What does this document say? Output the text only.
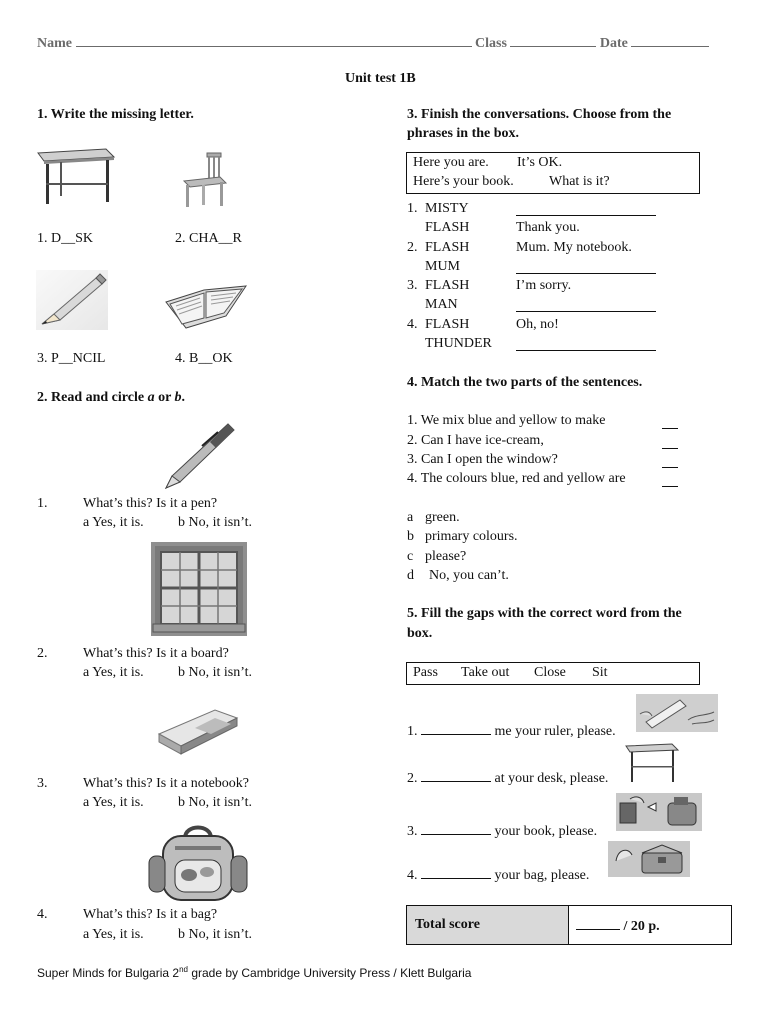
Name	Class	Date
Unit test 1B
1. Write the missing letter.
1. D__SK	2. CHA__R
3. P__NCIL	4. B__OK
2. Read and circle a or b.
1.	What’s this? Is it a pen?
a Yes, it is. b No, it isn’t.
2.	What’s this? Is it a board?
a Yes, it is. b No, it isn’t.
3.	What’s this? Is it a notebook?
a Yes, it is. b No, it isn’t.
4.	What’s this? Is it a bag?
a Yes, it is. b No, it isn’t.
3. Finish the conversations. Choose from the
phrases in the box.
Here you are. It’s OK.
Here’s your book.	What is it?
1. MISTY
FLASH	Thank you.
2. FLASH	Mum. My notebook.
MUM
3. FLASH	I’m sorry.
MAN
4. FLASH	Oh, no!
THUNDER
4. Match the two parts of the sentences.
1. We mix blue and yellow to make
2. Can I have ice-cream,
3. Can I open the window?
4. The colours blue, red and yellow are
a green.
b primary colours.
c please?
d No, you can’t.
5. Fill the gaps with the correct word from the
box.
Pass Take out Close Sit
1.	me your ruler, please.
2.	at your desk, please.
3.	your book, please.
4.	your bag, please.
Total score	/ 20 p.
Super Minds for Bulgaria 2nd grade by Cambridge University Press / Klett Bulgaria
